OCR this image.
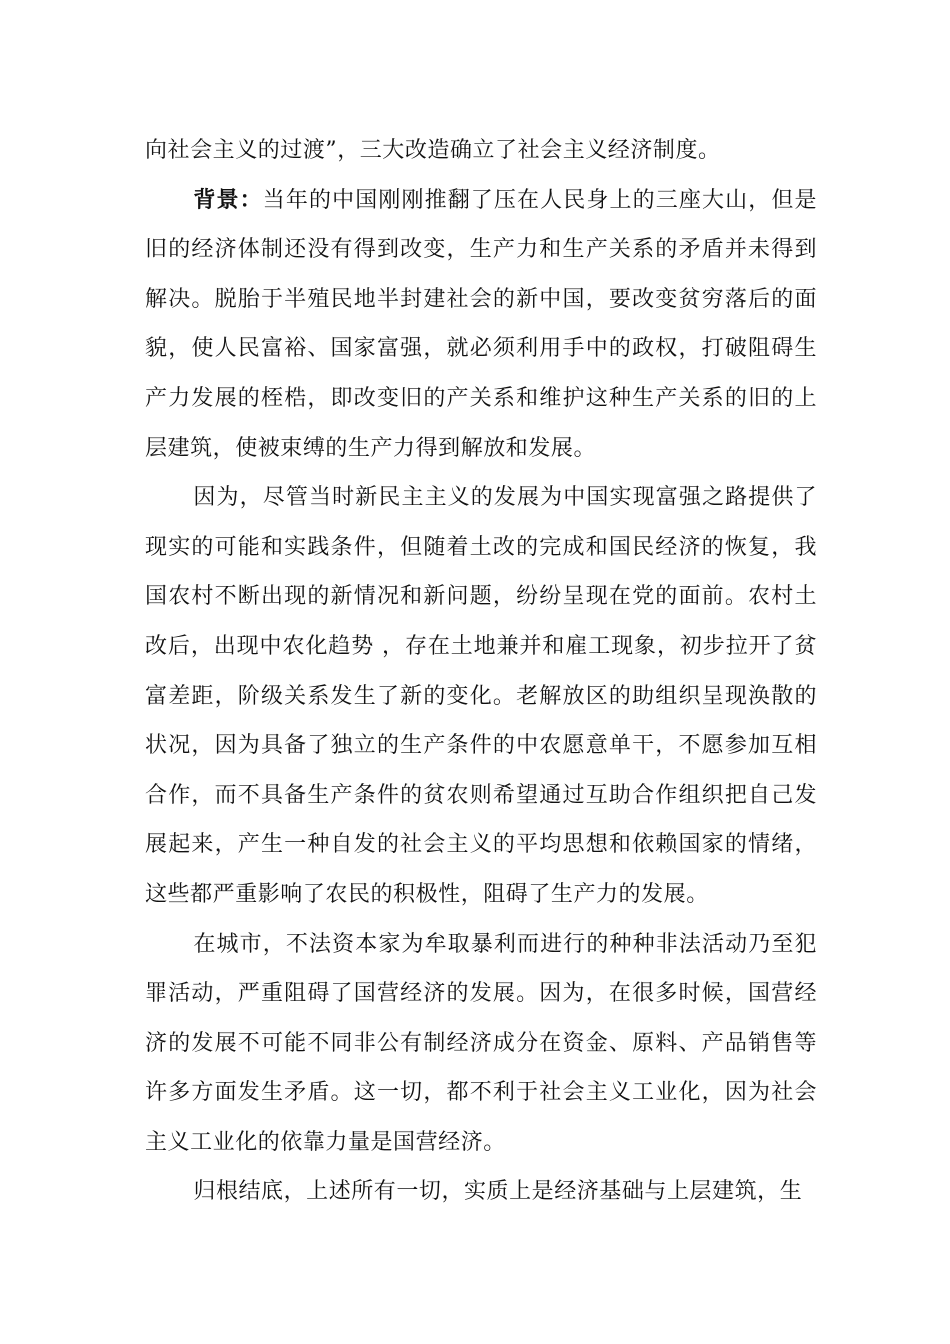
向社会主义的过渡”，三大改造确立了社会主义经济制度。

背景：当年的中国刚刚推翻了压在人民身上的三座大山，但是旧的经济体制还没有得到改变，生产力和生产关系的矛盾并未得到解决。脱胎于半殖民地半封建社会的新中国，要改变贫穷落后的面貌，使人民富裕、国家富强，就必须利用手中的政权，打破阻碍生产力发展的桎梏，即改变旧的产关系和维护这种生产关系的旧的上层建筑，使被束缚的生产力得到解放和发展。

因为，尽管当时新民主主义的发展为中国实现富强之路提供了现实的可能和实践条件，但随着土改的完成和国民经济的恢复，我国农村不断出现的新情况和新问题，纷纷呈现在党的面前。农村土改后，出现中农化趋势 ，存在土地兼并和雇工现象，初步拉开了贫富差距，阶级关系发生了新的变化。老解放区的助组织呈现涣散的状况，因为具备了独立的生产条件的中农愿意单干，不愿参加互相合作，而不具备生产条件的贫农则希望通过互助合作组织把自己发展起来，产生一种自发的社会主义的平均思想和依赖国家的情绪，这些都严重影响了农民的积极性，阻碍了生产力的发展。

在城市，不法资本家为牟取暴利而进行的种种非法活动乃至犯罪活动，严重阻碍了国营经济的发展。因为，在很多时候，国营经济的发展不可能不同非公有制经济成分在资金、原料、产品销售等许多方面发生矛盾。这一切，都不利于社会主义工业化，因为社会主义工业化的依靠力量是国营经济。

归根结底，上述所有一切，实质上是经济基础与上层建筑，生
